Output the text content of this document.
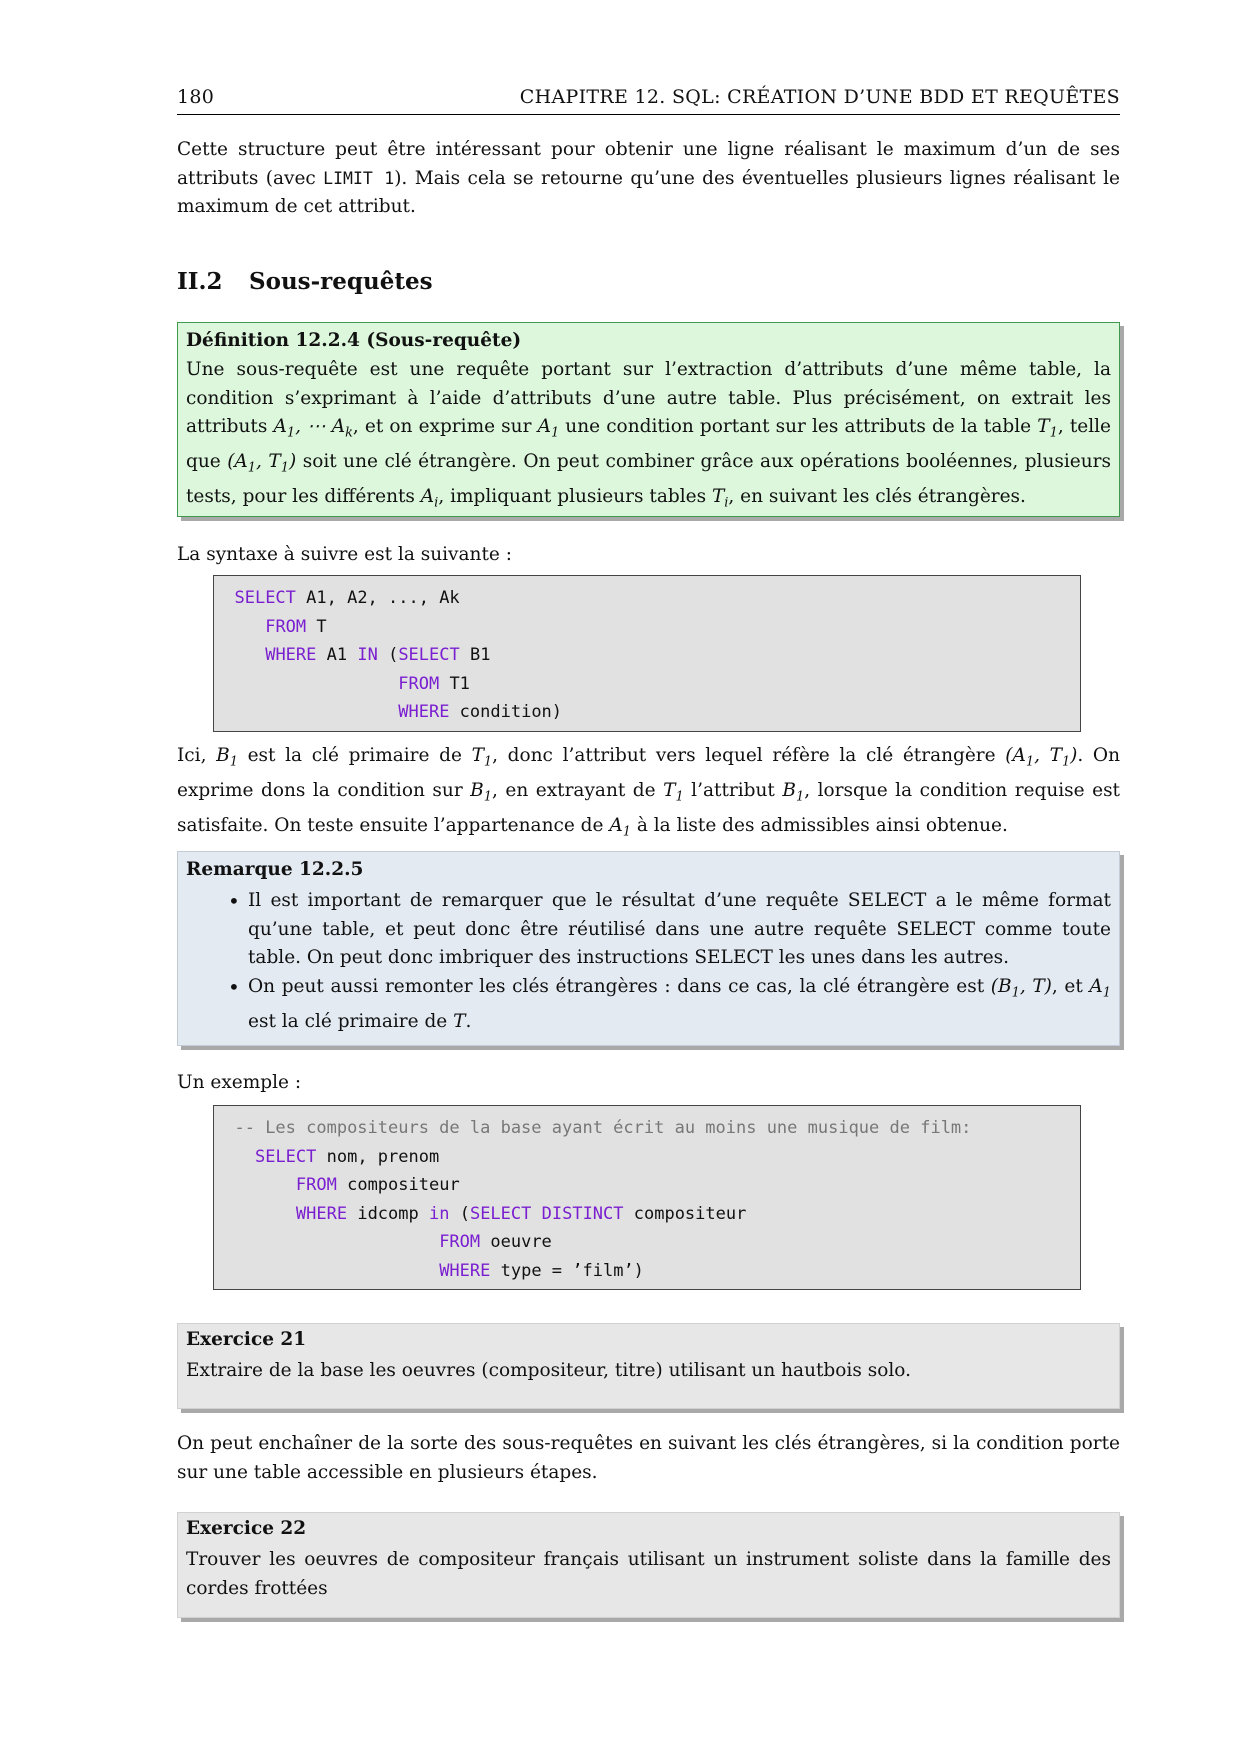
180	CHAPITRE 12. SQL: CRÉATION D’UNE BDD ET REQUÊTES

Cette structure peut être intéressant pour obtenir une ligne réalisant le maximum d’un de ses attributs (avec LIMIT 1). Mais cela se retourne qu’une des éventuelles plusieurs lignes réalisant le maximum de cet attribut.

II.2 Sous-requêtes
Définition 12.2.4 (Sous-requête)
Une sous-requête est une requête portant sur l’extraction d’attributs d’une même table, la condition s’exprimant à l’aide d’attributs d’une autre table. Plus précisément, on extrait les attributs $A_1$, ⋯ $A_k$, et on exprime sur $A_1$ une condition portant sur les attributs de la table $T_1$, telle que ($A_1$, $T_1$) soit une clé étrangère. On peut combiner grâce aux opérations booléennes, plusieurs tests, pour les différents $A_i$, impliquant plusieurs tables $T_i$, en suivant les clés étrangères.

La syntaxe à suivre est la suivante :

SELECT A1, A2, ..., Ak
FROM T
WHERE A1 IN (SELECT B1
FROM T1
WHERE condition)

Ici, $B_1$ est la clé primaire de $T_1$, donc l’attribut vers lequel réfère la clé étrangère ($A_1$, $T_1$). On exprime dons la condition sur $B_1$, en extrayant de $T_1$ l’attribut $B_1$, lorsque la condition requise est satisfaite. On teste ensuite l’appartenance de $A_1$ à la liste des admissibles ainsi obtenue.

Remarque 12.2.5
• Il est important de remarquer que le résultat d’une requête SELECT a le même format qu’une table, et peut donc être réutilisé dans une autre requête SELECT comme toute table. On peut donc imbriquer des instructions SELECT les unes dans les autres.
• On peut aussi remonter les clés étrangères : dans ce cas, la clé étrangère est ($B_1$, T), et $A_1$ est la clé primaire de T.

Un exemple :

-- Les compositeurs de la base ayant écrit au moins une musique de film:
SELECT nom, prenom
FROM compositeur
WHERE idcomp in (SELECT DISTINCT compositeur
FROM oeuvre
WHERE type = ’film’)
Exercice 21
Extraire de la base les oeuvres (compositeur, titre) utilisant un hautbois solo.

On peut enchaîner de la sorte des sous-requêtes en suivant les clés étrangères, si la condition porte sur une table accessible en plusieurs étapes.

Exercice 22
Trouver les oeuvres de compositeur français utilisant un instrument soliste dans la famille des cordes frottées
